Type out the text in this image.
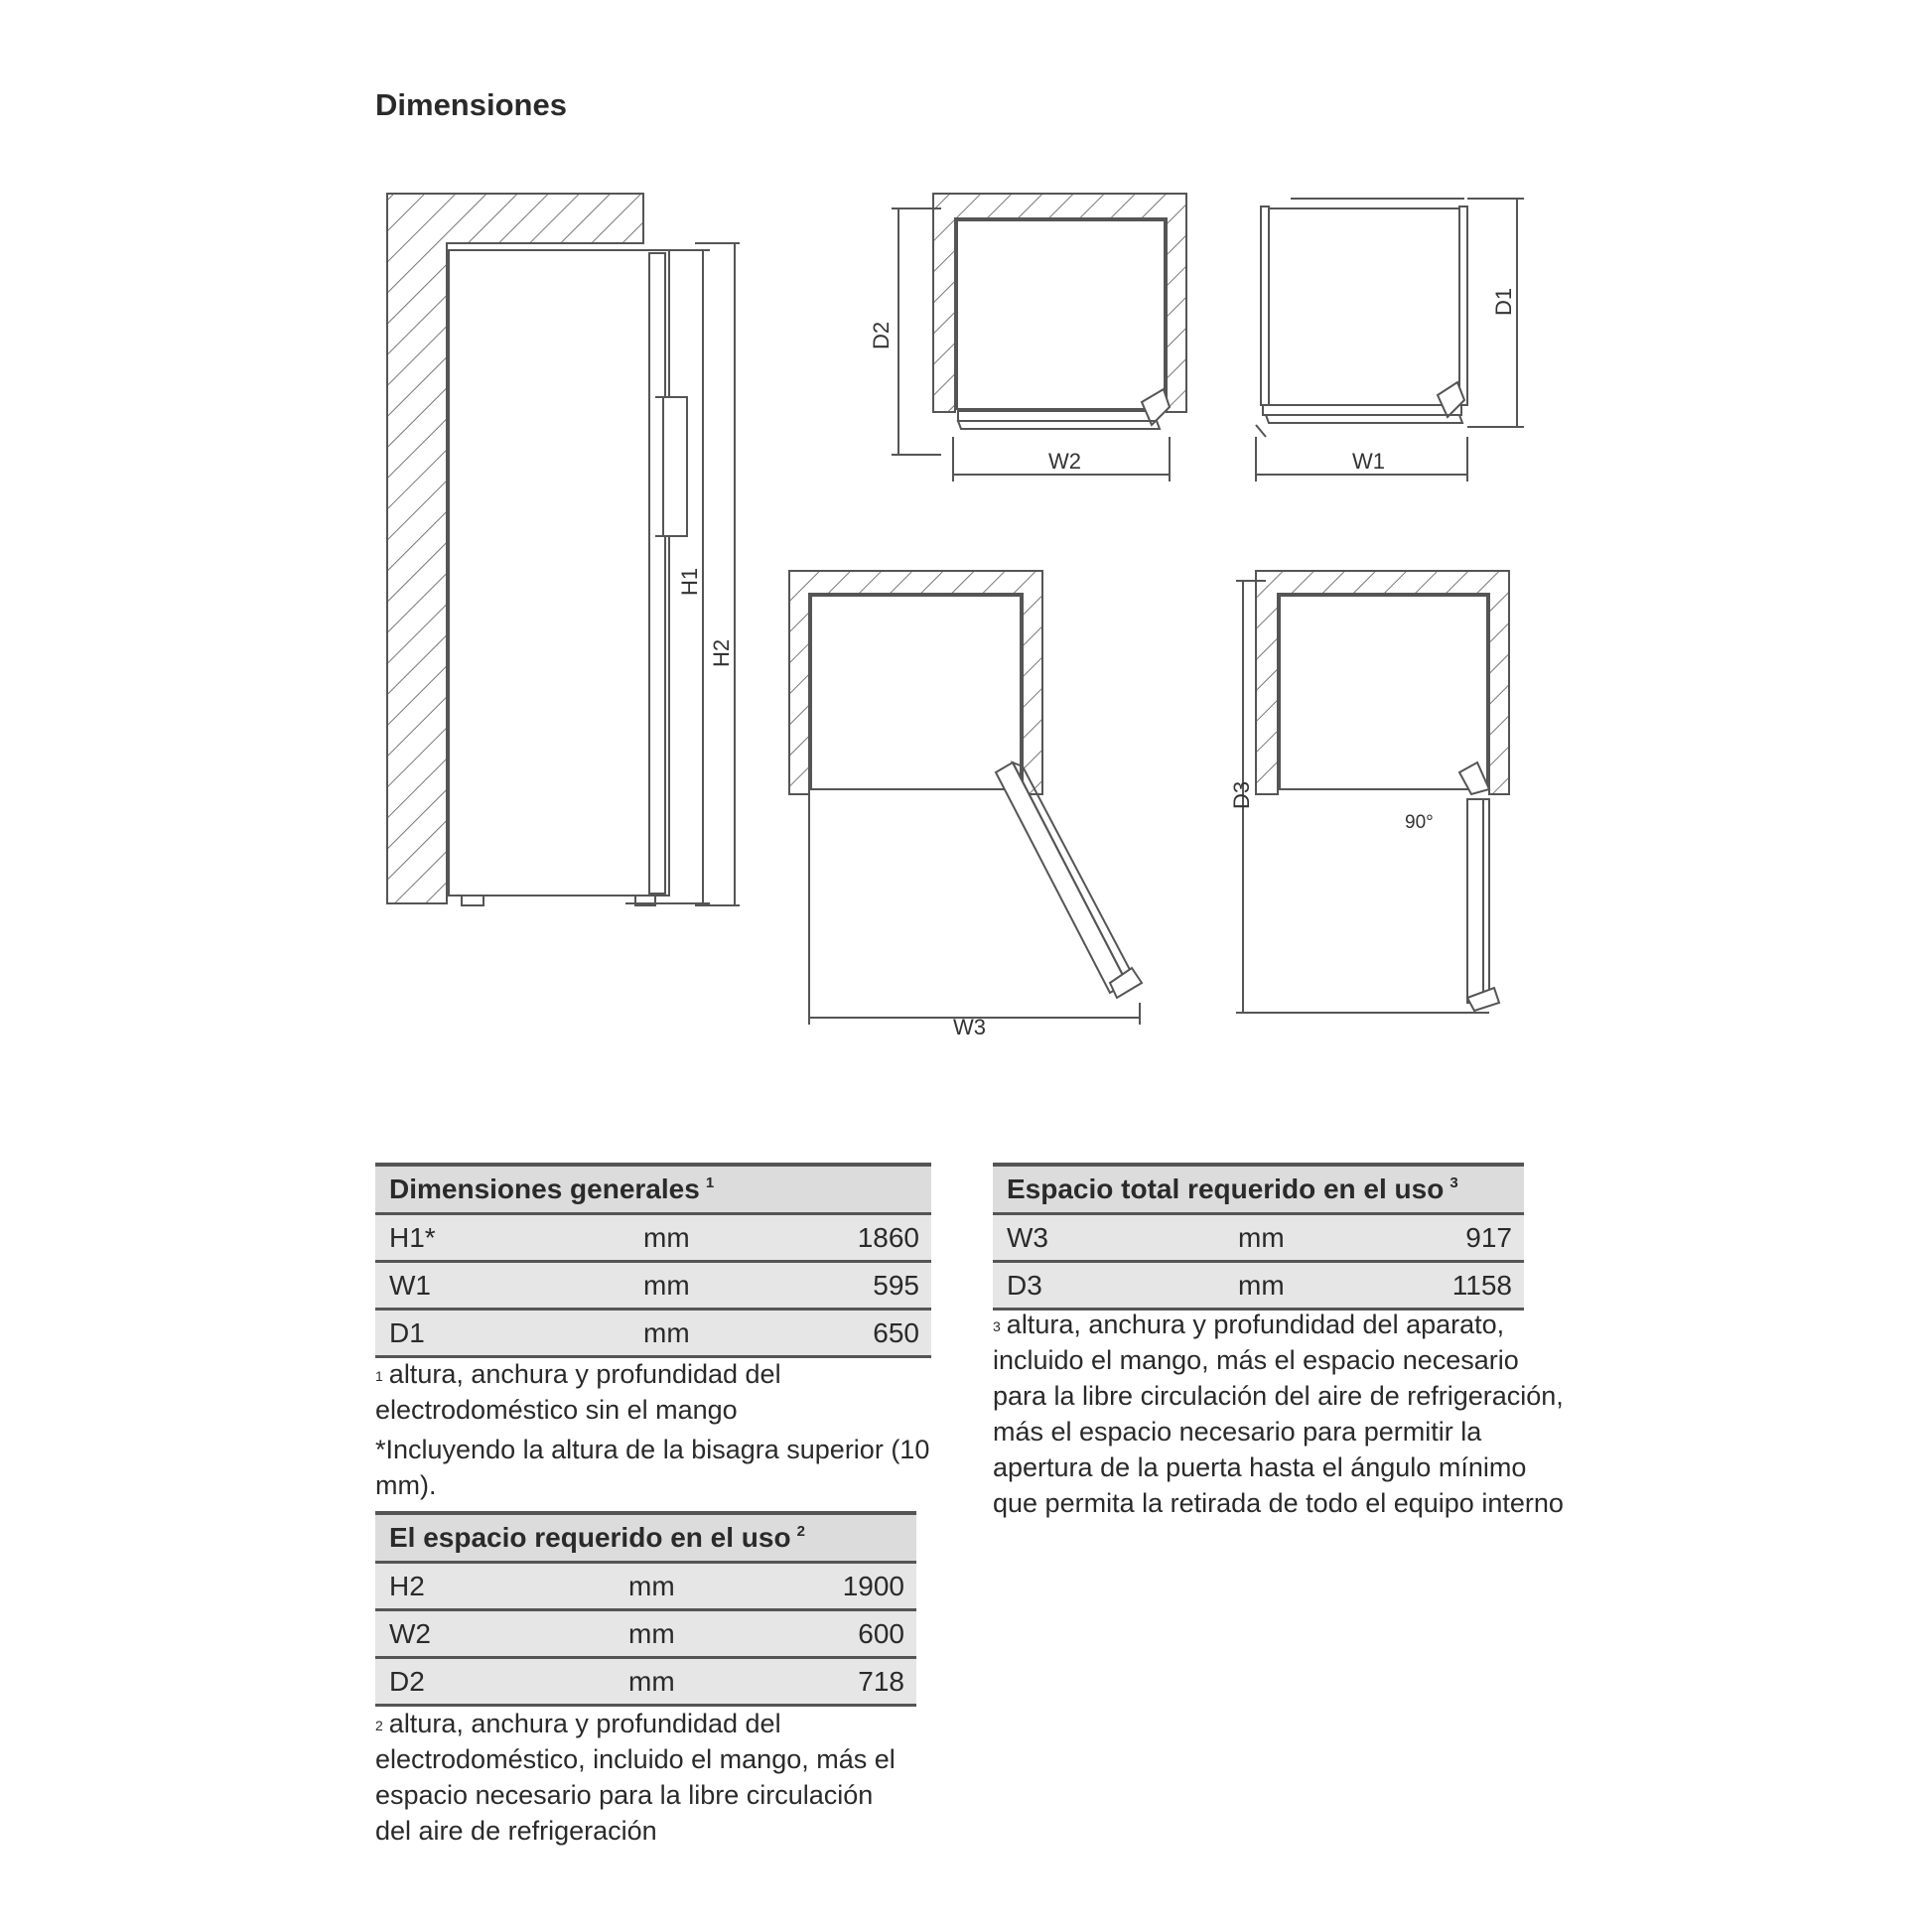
Dimensiones
H1
H2
D2
W2
D1
W1
W3
D3
90°
Dimensiones generales $^1$
H1*	mm	1860
W1	mm	595
D1	mm	650
$^1$ altura, anchura y profundidad del electrodoméstico sin el mango
*Incluyendo la altura de la bisagra superior (10 mm).
El espacio requerido en el uso $^2$
H2	mm	1900
W2	mm	600
D2	mm	718
$^2$ altura, anchura y profundidad del electrodoméstico, incluido el mango, más el espacio necesario para la libre circulación del aire de refrigeración
Espacio total requerido en el uso $^3$
W3	mm	917
D3	mm	1158
$^3$ altura, anchura y profundidad del aparato, incluido el mango, más el espacio necesario para la libre circulación del aire de refrigeración, más el espacio necesario para permitir la apertura de la puerta hasta el ángulo mínimo que permita la retirada de todo el equipo interno
